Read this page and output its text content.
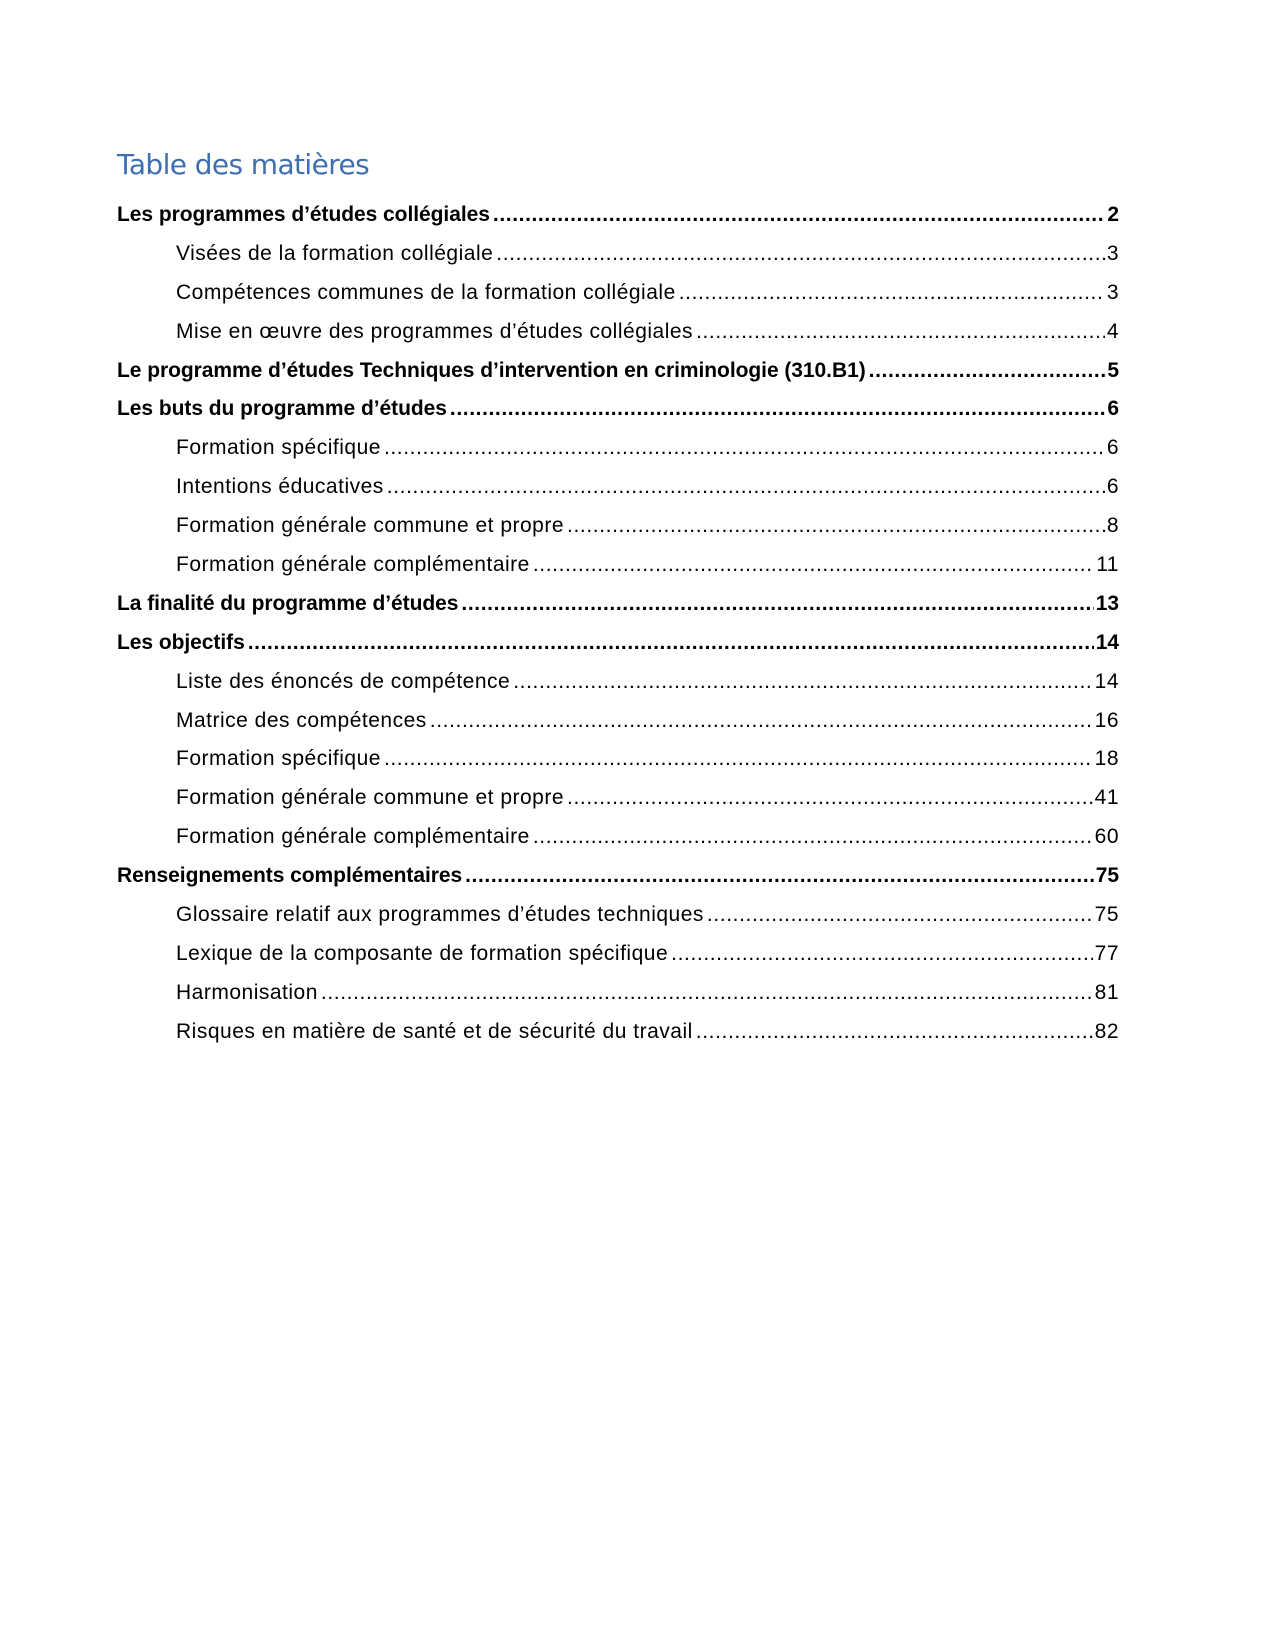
Table des matières
Les programmes d’études collégiales .....	2
Visées de la formation collégiale .....	3
Compétences communes de la formation collégiale .....	3
Mise en œuvre des programmes d’études collégiales .....	4
Le programme d’études Techniques d’intervention en criminologie (310.B1) .....	5
Les buts du programme d’études .....	6
Formation spécifique .....	6
Intentions éducatives .....	6
Formation générale commune et propre .....	8
Formation générale complémentaire .....	11
La finalité du programme d’études .....	13
Les objectifs .....	14
Liste des énoncés de compétence .....	14
Matrice des compétences .....	16
Formation spécifique .....	18
Formation générale commune et propre .....	41
Formation générale complémentaire .....	60
Renseignements complémentaires .....	75
Glossaire relatif aux programmes d’études techniques .....	75
Lexique de la composante de formation spécifique .....	77
Harmonisation .....	81
Risques en matière de santé et de sécurité du travail .....	82
